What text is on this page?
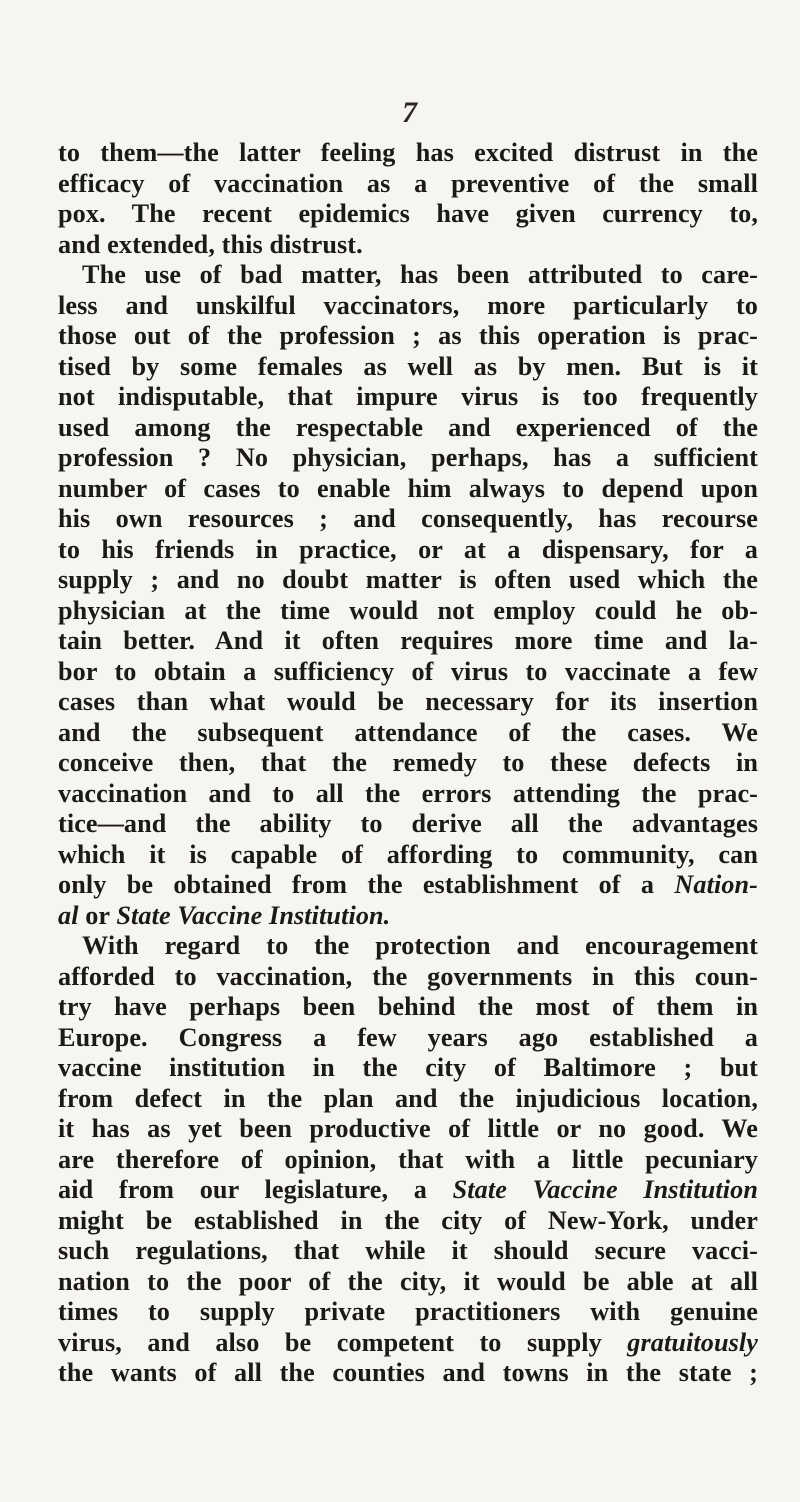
7
to them—the latter feeling has excited distrust in the
efficacy of vaccination as a preventive of the small
pox. The recent epidemics have given currency to,
and extended, this distrust.
The use of bad matter, has been attributed to care-
less and unskilful vaccinators, more particularly to
those out of the profession ; as this operation is prac-
tised by some females as well as by men. But is it
not indisputable, that impure virus is too frequently
used among the respectable and experienced of the
profession ? No physician, perhaps, has a sufficient
number of cases to enable him always to depend upon
his own resources ; and consequently, has recourse
to his friends in practice, or at a dispensary, for a
supply ; and no doubt matter is often used which the
physician at the time would not employ could he ob-
tain better. And it often requires more time and la-
bor to obtain a sufficiency of virus to vaccinate a few
cases than what would be necessary for its insertion
and the subsequent attendance of the cases. We
conceive then, that the remedy to these defects in
vaccination and to all the errors attending the prac-
tice—and the ability to derive all the advantages
which it is capable of affording to community, can
only be obtained from the establishment of a Nation-
al or State Vaccine Institution.
With regard to the protection and encouragement
afforded to vaccination, the governments in this coun-
try have perhaps been behind the most of them in
Europe. Congress a few years ago established a
vaccine institution in the city of Baltimore ; but
from defect in the plan and the injudicious location,
it has as yet been productive of little or no good. We
are therefore of opinion, that with a little pecuniary
aid from our legislature, a State Vaccine Institution
might be established in the city of New-York, under
such regulations, that while it should secure vacci-
nation to the poor of the city, it would be able at all
times to supply private practitioners with genuine
virus, and also be competent to supply gratuitously
the wants of all the counties and towns in the state ;
